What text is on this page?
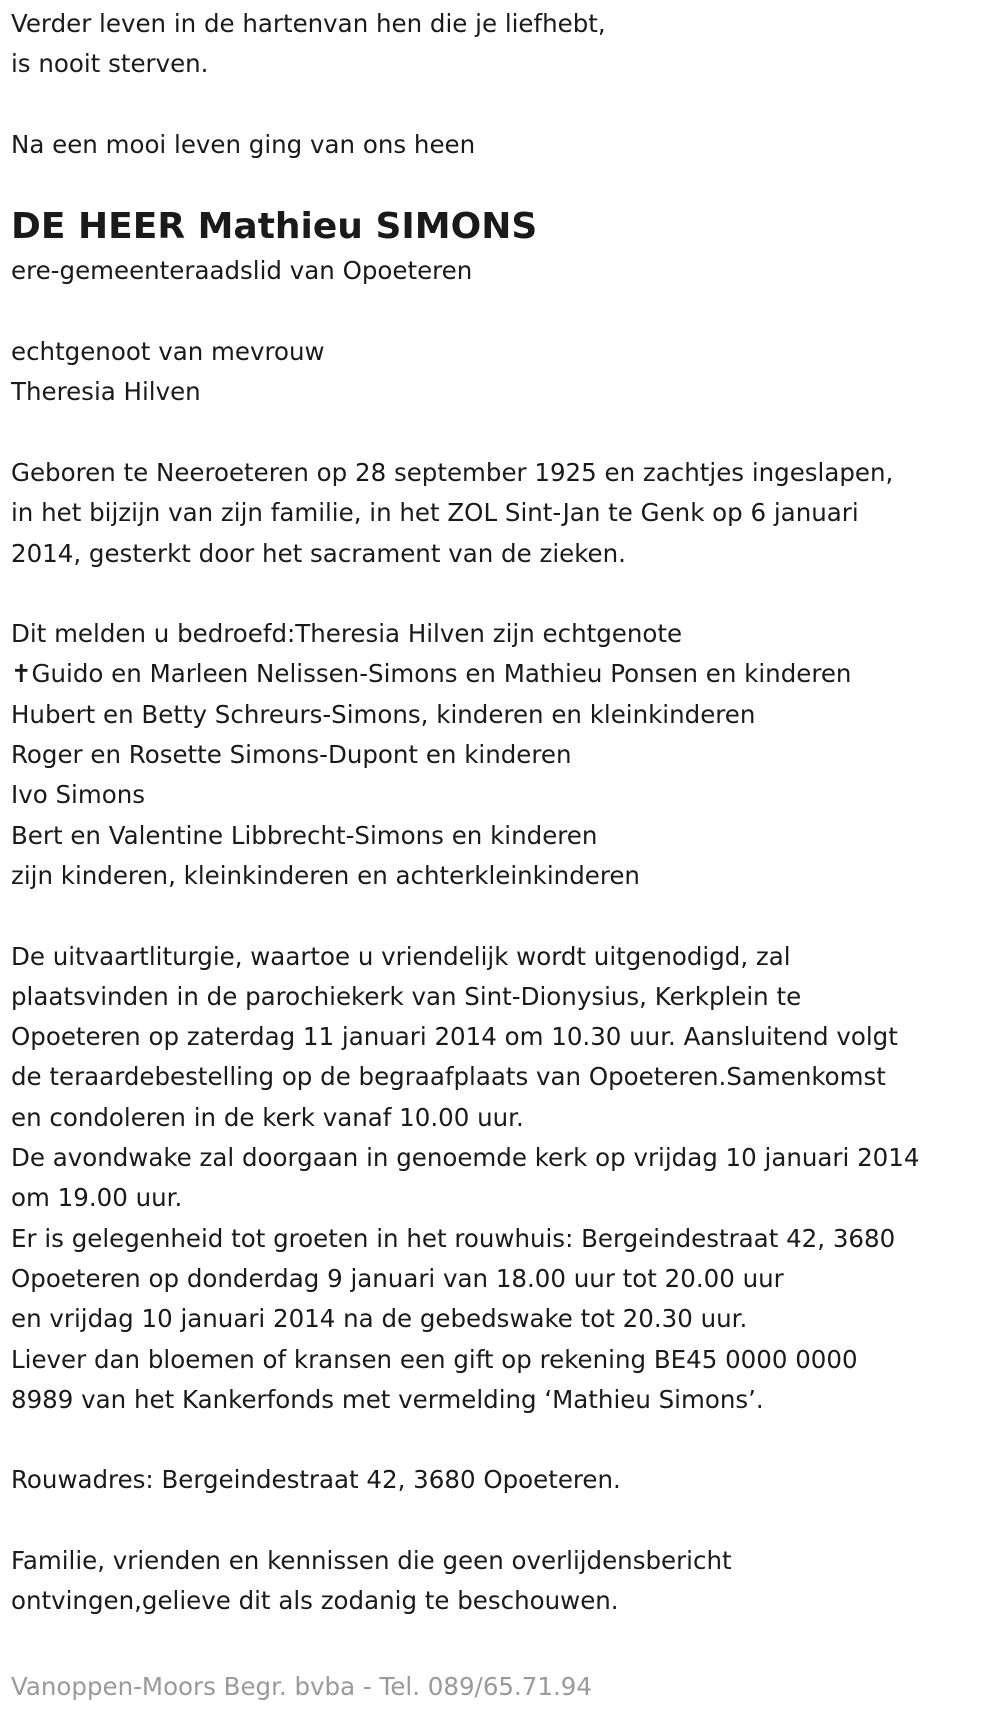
Verder leven in de hartenvan hen die je liefhebt,
is nooit sterven.
Na een mooi leven ging van ons heen
DE HEER Mathieu SIMONS
ere-gemeenteraadslid van Opoeteren
echtgenoot van mevrouw
Theresia Hilven
Geboren te Neeroeteren op 28 september 1925 en zachtjes ingeslapen,
in het bijzijn van zijn familie, in het ZOL Sint-Jan te Genk op 6 januari
2014, gesterkt door het sacrament van de zieken.
Dit melden u bedroefd:Theresia Hilven zijn echtgenote
✝Guido en Marleen Nelissen-Simons en Mathieu Ponsen en kinderen
Hubert en Betty Schreurs-Simons, kinderen en kleinkinderen
Roger en Rosette Simons-Dupont en kinderen
Ivo Simons
Bert en Valentine Libbrecht-Simons en kinderen
zijn kinderen, kleinkinderen en achterkleinkinderen
De uitvaartliturgie, waartoe u vriendelijk wordt uitgenodigd, zal
plaatsvinden in de parochiekerk van Sint-Dionysius, Kerkplein te
Opoeteren op zaterdag 11 januari 2014 om 10.30 uur. Aansluitend volgt
de teraardebestelling op de begraafplaats van Opoeteren.Samenkomst
en condoleren in de kerk vanaf 10.00 uur.
De avondwake zal doorgaan in genoemde kerk op vrijdag 10 januari 2014
om 19.00 uur.
Er is gelegenheid tot groeten in het rouwhuis: Bergeindestraat 42, 3680
Opoeteren op donderdag 9 januari van 18.00 uur tot 20.00 uur
en vrijdag 10 januari 2014 na de gebedswake tot 20.30 uur.
Liever dan bloemen of kransen een gift op rekening BE45 0000 0000
8989 van het Kankerfonds met vermelding ‘Mathieu Simons’.
Rouwadres: Bergeindestraat 42, 3680 Opoeteren.
Familie, vrienden en kennissen die geen overlijdensbericht
ontvingen,gelieve dit als zodanig te beschouwen.
Vanoppen-Moors Begr. bvba - Tel. 089/65.71.94
